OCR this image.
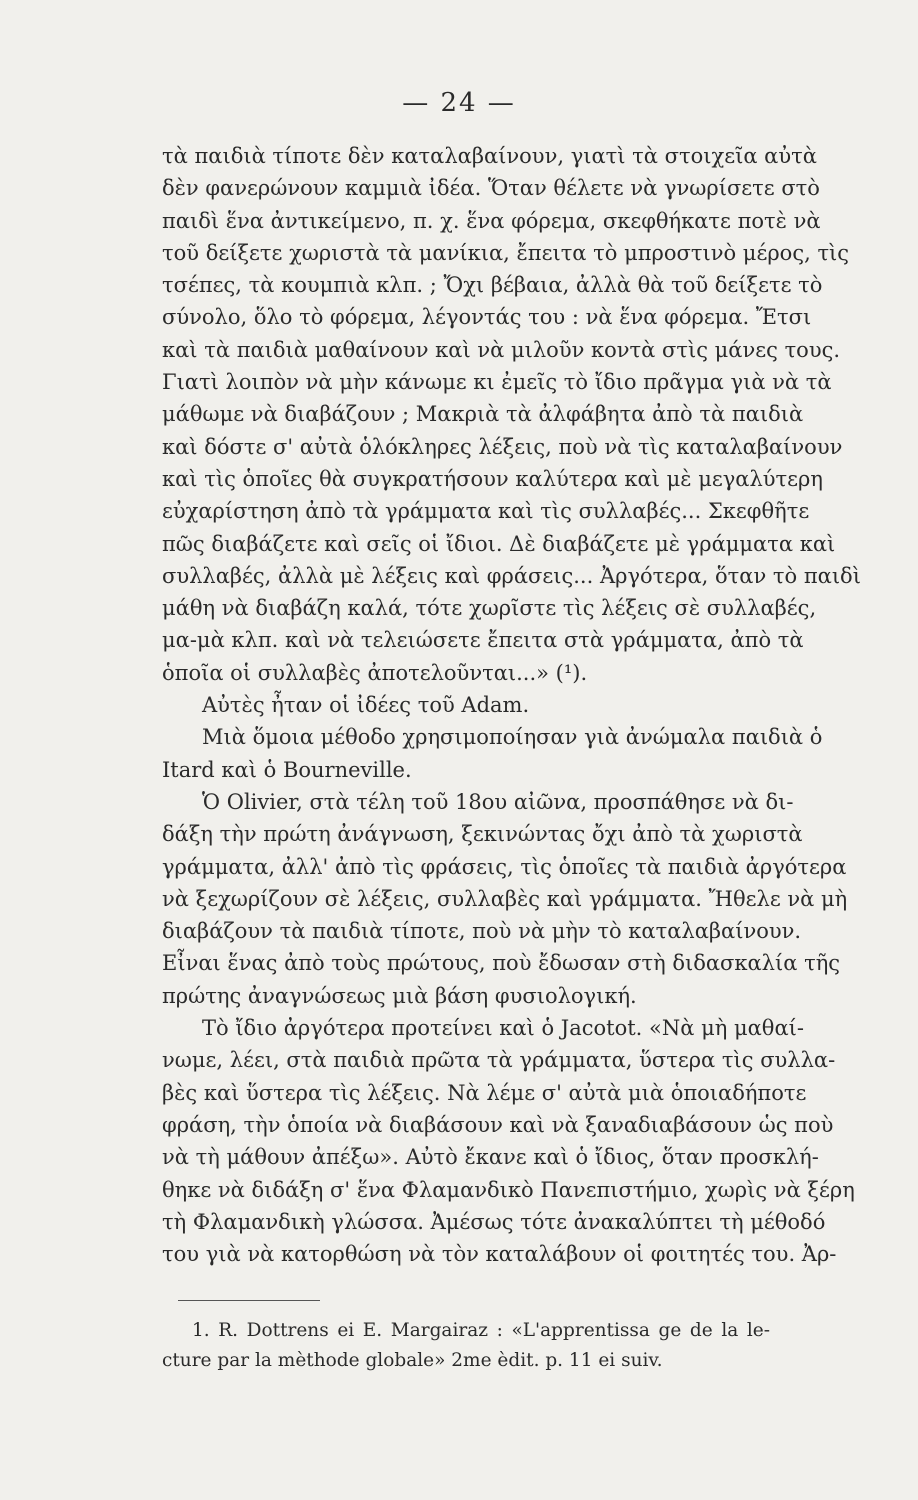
— 24 —
τὰ παιδιὰ τίποτε δὲν καταλαβαίνουν, γιατὶ τὰ στοιχεῖα αὐτὰ
δὲν φανερώνουν καμμιὰ ἰδέα. Ὅταν θέλετε νὰ γνωρίσετε στὸ
παιδὶ ἕνα ἀντικείμενο, π. χ. ἕνα φόρεμα, σκεφθήκατε ποτὲ νὰ
τοῦ δείξετε χωριστὰ τὰ μανίκια, ἔπειτα τὸ μπροστινὸ μέρος, τὶς
τσέπες, τὰ κουμπιὰ κλπ. ; Ὄχι βέβαια, ἀλλὰ θὰ τοῦ δείξετε τὸ
σύνολο, ὅλο τὸ φόρεμα, λέγοντάς του : νὰ ἕνα φόρεμα. Ἔτσι
καὶ τὰ παιδιὰ μαθαίνουν καὶ νὰ μιλοῦν κοντὰ στὶς μάνες τους.
Γιατὶ λοιπὸν νὰ μὴν κάνωμε κι ἐμεῖς τὸ ἴδιο πρᾶγμα γιὰ νὰ τὰ
μάθωμε νὰ διαβάζουν ; Μακριὰ τὰ ἀλφάβητα ἀπὸ τὰ παιδιὰ
καὶ δόστε σ' αὐτὰ ὁλόκληρες λέξεις, ποὺ νὰ τὶς καταλαβαίνουν
καὶ τὶς ὁποῖες θὰ συγκρατήσουν καλύτερα καὶ μὲ μεγαλύτερη
εὐχαρίστηση ἀπὸ τὰ γράμματα καὶ τὶς συλλαβές... Σκεφθῆτε
πῶς διαβάζετε καὶ σεῖς οἱ ἴδιοι. Δὲ διαβάζετε μὲ γράμματα καὶ
συλλαβές, ἀλλὰ μὲ λέξεις καὶ φράσεις... Ἀργότερα, ὅταν τὸ παιδὶ
μάθη νὰ διαβάζη καλά, τότε χωρῖστε τὶς λέξεις σὲ συλλαβές,
μα-μὰ κλπ. καὶ νὰ τελειώσετε ἔπειτα στὰ γράμματα, ἀπὸ τὰ
ὁποῖα οἱ συλλαβὲς ἀποτελοῦνται...» (¹).
Αὐτὲς ἦταν οἱ ἰδέες τοῦ Adam.
Μιὰ ὅμοια μέθοδο χρησιμοποίησαν γιὰ ἀνώμαλα παιδιὰ ὁ
Itard καὶ ὁ Bourneville.
Ὁ Olivier, στὰ τέλη τοῦ 18ου αἰῶνα, προσπάθησε νὰ δι-
δάξη τὴν πρώτη ἀνάγνωση, ξεκινώντας ὄχι ἀπὸ τὰ χωριστὰ
γράμματα, ἀλλ' ἀπὸ τὶς φράσεις, τὶς ὁποῖες τὰ παιδιὰ ἀργότερα
νὰ ξεχωρίζουν σὲ λέξεις, συλλαβὲς καὶ γράμματα. Ἤθελε νὰ μὴ
διαβάζουν τὰ παιδιὰ τίποτε, ποὺ νὰ μὴν τὸ καταλαβαίνουν.
Εἶναι ἕνας ἀπὸ τοὺς πρώτους, ποὺ ἔδωσαν στὴ διδασκαλία τῆς
πρώτης ἀναγνώσεως μιὰ βάση φυσιολογική.
Τὸ ἴδιο ἀργότερα προτείνει καὶ ὁ Jacotot. «Νὰ μὴ μαθαί-
νωμε, λέει, στὰ παιδιὰ πρῶτα τὰ γράμματα, ὕστερα τὶς συλλα-
βὲς καὶ ὕστερα τὶς λέξεις. Νὰ λέμε σ' αὐτὰ μιὰ ὁποιαδήποτε
φράση, τὴν ὁποία νὰ διαβάσουν καὶ νὰ ξαναδιαβάσουν ὡς ποὺ
νὰ τὴ μάθουν ἀπέξω». Αὐτὸ ἔκανε καὶ ὁ ἴδιος, ὅταν προσκλή-
θηκε νὰ διδάξη σ' ἕνα Φλαμανδικὸ Πανεπιστήμιο, χωρὶς νὰ ξέρη
τὴ Φλαμανδικὴ γλώσσα. Ἀμέσως τότε ἀνακαλύπτει τὴ μέθοδό
του γιὰ νὰ κατορθώση νὰ τὸν καταλάβουν οἱ φοιτητές του. Ἀρ-
1. R. Dottrens ei E. Margairaz : «L'apprentissa ge de la le-
cture par la mèthode globale» 2me èdit. p. 11 ei suiv.
